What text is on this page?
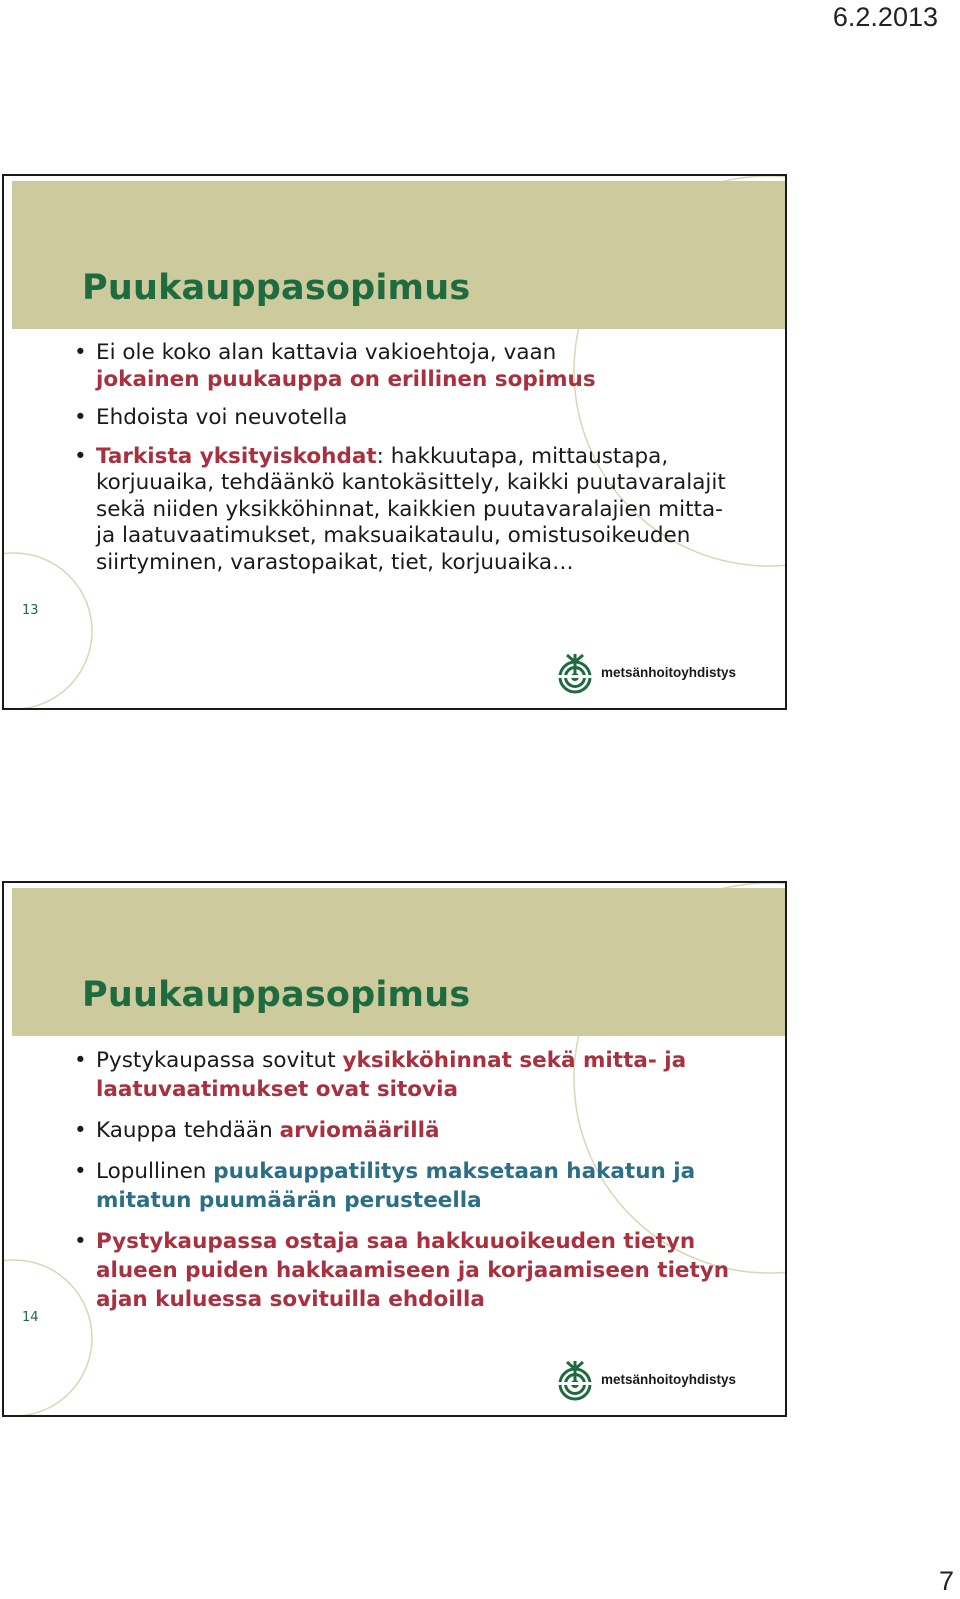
6.2.2013
Puukauppasopimus
• Ei ole koko alan kattavia vakioehtoja, vaan
jokainen puukauppa on erillinen sopimus
• Ehdoista voi neuvotella
• Tarkista yksityiskohdat: hakkuutapa, mittaustapa, korjuuaika, tehdäänkö kantokäsittely, kaikki puutavaralajit sekä niiden yksikköhinnat, kaikkien puutavaralajien mitta- ja laatuvaatimukset, maksuaikataulu, omistusoikeuden siirtyminen, varastopaikat, tiet, korjuuaika…
13
metsänhoitoyhdistys
Puukauppasopimus
• Pystykaupassa sovitut yksikköhinnat sekä mitta- ja laatuvaatimukset ovat sitovia
• Kauppa tehdään arviomäärillä
• Lopullinen puukauppatilitys maksetaan hakatun ja mitatun puumäärän perusteella
• Pystykaupassa ostaja saa hakkuuoikeuden tietyn alueen puiden hakkaamiseen ja korjaamiseen tietyn ajan kuluessa sovituilla ehdoilla
14
metsänhoitoyhdistys
7
